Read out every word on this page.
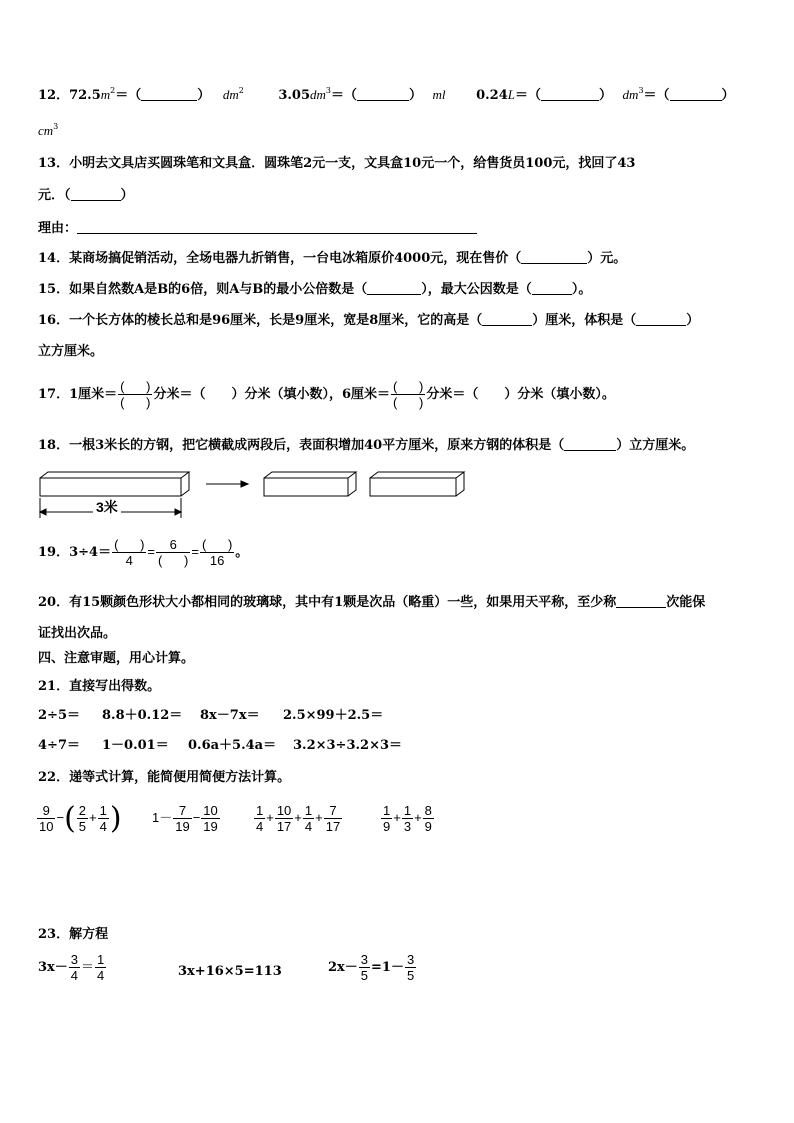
12．$72.5m^2=$（	） $dm^2$	$3.05dm^3=$（	） ml 0.24L＝（	） $dm^3=$（	）
$cm^3$
13．小明去文具店买圆珠笔和文具盒．圆珠笔2元一支，文具盒10元一个，给售货员100元，找回了43
元．（	）
理由：
14．某商场搞促销活动，全场电器九折销售，一台电冰箱原价4000元，现在售价（	）元。
15．如果自然数A是B的6倍，则A与B的最小公倍数是（	），最大公因数是（	）。
16．一个长方体的棱长总和是96厘米，长是9厘米，宽是8厘米，它的高是（	）厘米，体积是（	）
立方厘米。
17．1厘米＝ $\frac{( )}{( )}$ 分米＝（ ）分米（填小数），6厘米＝ $\frac{( )}{( )}$ 分米＝（ ）分米（填小数）。
18．一根3米长的方钢，把它横截成两段后，表面积增加40平方厘米，原来方钢的体积是（	）立方厘米。
3米
19．$3\div 4= \frac{( )}{4} = \frac{6}{( )} = \frac{( )}{16}$ 。
20．有15颗颜色形状大小都相同的玻璃球，其中有1颗是次品（略重）一些，如果用天平称，至少称	次能保
证找出次品。
四、注意审题，用心计算。
21．直接写出得数。
2÷5＝ 8.8＋0.12＝ 8x－7x＝ 2.5×99＋2.5＝
4÷7＝ 1－0.01＝ 0.6a＋5.4a＝ 3.2×3÷3.2×3＝
22．递等式计算，能简便用简便方法计算。
$\frac{9}{10}$ −( $\frac{2}{5} + \frac{1}{4}$ ) $1- \frac{7}{19} - \frac{10}{19}$	$\frac{1}{4} + \frac{10}{17} + \frac{1}{4} + \frac{7}{17}$	$\frac{1}{9} + \frac{1}{3} + \frac{8}{9}$
23．解方程
$3x- \frac{3}{4} = \frac{1}{4}$	3x+16×5=113	$2x- \frac{3}{5} =1- \frac{3}{5}$
